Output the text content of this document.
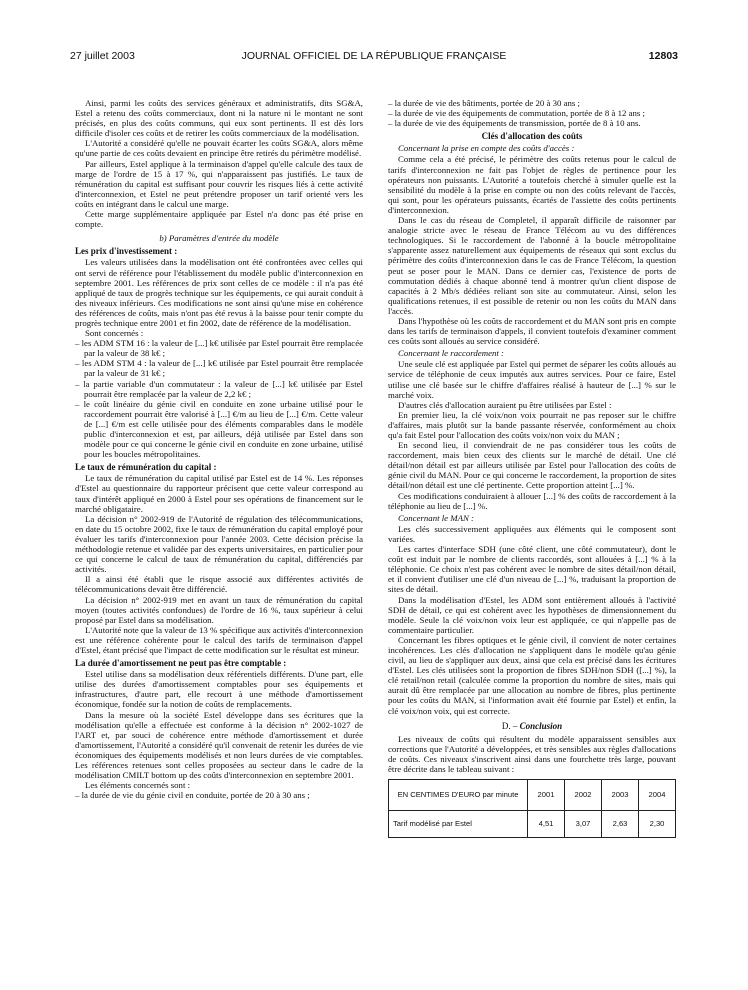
27 juillet 2003	JOURNAL OFFICIEL DE LA RÉPUBLIQUE FRANÇAISE	12803

Ainsi, parmi les coûts des services généraux et administratifs, dits SG&A, Estel a retenu des coûts commerciaux, dont ni la nature ni le montant ne sont précisés, en plus des coûts communs, qui eux sont pertinents. Il est dès lors difficile d'isoler ces coûts et de retirer les coûts commerciaux de la modélisation.

L'Autorité a considéré qu'elle ne pouvait écarter les coûts SG&A, alors même qu'une partie de ces coûts devaient en principe être retirés du périmètre modélisé.

Par ailleurs, Estel applique à la terminaison d'appel qu'elle calcule des taux de marge de l'ordre de 15 à 17 %, qui n'apparaissent pas justifiés. Le taux de rémunération du capital est suffisant pour couvrir les risques liés à cette activité d'interconnexion, et Estel ne peut prétendre proposer un tarif orienté vers les coûts en intégrant dans le calcul une marge.

Cette marge supplémentaire appliquée par Estel n'a donc pas été prise en compte.

b) Paramètres d'entrée du modèle
Les prix d'investissement :

Les valeurs utilisées dans la modélisation ont été confrontées avec celles qui ont servi de référence pour l'établissement du modèle public d'interconnexion en septembre 2001. Les références de prix sont celles de ce modèle : il n'a pas été appliqué de taux de progrès technique sur les équipements, ce qui aurait conduit à des niveaux inférieurs. Ces modifications ne sont ainsi qu'une mise en cohérence des références de coûts, mais n'ont pas été revus à la baisse pour tenir compte du progrès technique entre 2001 et fin 2002, date de référence de la modélisation.

Sont concernés :

– les ADM STM 16 : la valeur de [...] k€ utilisée par Estel pourrait être remplacée par la valeur de 38 k€ ;

– les ADM STM 4 : la valeur de [...] k€ utilisée par Estel pourrait être remplacée par la valeur de 31 k€ ;

– la partie variable d'un commutateur : la valeur de [...] k€ utilisée par Estel pourrait être remplacée par la valeur de 2,2 k€ ;

– le coût linéaire du génie civil en conduite en zone urbaine utilisé pour le raccordement pourrait être valorisé à [...] €/m au lieu de [...] €/m. Cette valeur de [...] €/m est celle utilisée pour des éléments comparables dans le modèle public d'interconnexion et est, par ailleurs, déjà utilisée par Estel dans son modèle pour ce qui concerne le génie civil en conduite en zone urbaine, utilisé pour les boucles métropolitaines.

Le taux de rémunération du capital :

Le taux de rémunération du capital utilisé par Estel est de 14 %. Les réponses d'Estel au questionnaire du rapporteur précisent que cette valeur correspond au taux d'intérêt appliqué en 2000 à Estel pour ses opérations de financement sur le marché obligataire.

La décision n° 2002-919 de l'Autorité de régulation des télécommunications, en date du 15 octobre 2002, fixe le taux de rémunération du capital employé pour évaluer les tarifs d'interconnexion pour l'année 2003. Cette décision précise la méthodologie retenue et validée par des experts universitaires, en particulier pour ce qui concerne le calcul de taux de rémunération du capital, différenciés par activités.

Il a ainsi été établi que le risque associé aux différentes activités de télécommunications devait être différencié.

La décision n° 2002-919 met en avant un taux de rémunération du capital moyen (toutes activités confondues) de l'ordre de 16 %, taux supérieur à celui proposé par Estel dans sa modélisation.

L'Autorité note que la valeur de 13 % spécifique aux activités d'interconnexion est une référence cohérente pour le calcul des tarifs de terminaison d'appel d'Estel, étant précisé que l'impact de cette modification sur le résultat est mineur.

La durée d'amortissement ne peut pas être comptable :

Estel utilise dans sa modélisation deux référentiels différents. D'une part, elle utilise des durées d'amortissement comptables pour ses équipements et infrastructures, d'autre part, elle recourt à une méthode d'amortissement économique, fondée sur la notion de coûts de remplacements.

Dans la mesure où la société Estel développe dans ses écritures que la modélisation qu'elle a effectuée est conforme à la décision n° 2002-1027 de l'ART et, par souci de cohérence entre méthode d'amortissement et durée d'amortissement, l'Autorité a considéré qu'il convenait de retenir les durées de vie économiques des équipements modélisés et non leurs durées de vie comptables. Les références retenues sont celles proposées au secteur dans le cadre de la modélisation CMILT bottom up des coûts d'interconnexion en septembre 2001.

Les éléments concernés sont :

– la durée de vie du génie civil en conduite, portée de 20 à 30 ans ;

– la durée de vie des bâtiments, portée de 20 à 30 ans ;

– la durée de vie des équipements de commutation, portée de 8 à 12 ans ;

– la durée de vie des équipements de transmission, portée de 8 à 10 ans.

Clés d'allocation des coûts

Concernant la prise en compte des coûts d'accès :

Comme cela a été précisé, le périmètre des coûts retenus pour le calcul de tarifs d'interconnexion ne fait pas l'objet de règles de pertinence pour les opérateurs non puissants. L'Autorité a toutefois cherché à simuler quelle est la sensibilité du modèle à la prise en compte ou non des coûts relevant de l'accès, qui sont, pour les opérateurs puissants, écartés de l'assiette des coûts pertinents d'interconnexion.

Dans le cas du réseau de Completel, il apparaît difficile de raisonner par analogie stricte avec le réseau de France Télécom au vu des différences technologiques. Si le raccordement de l'abonné à la boucle métropolitaine s'apparente assez naturellement aux équipements de réseaux qui sont exclus du périmètre des coûts d'interconnexion dans le cas de France Télécom, la question peut se poser pour le MAN. Dans ce dernier cas, l'existence de ports de commutation dédiés à chaque abonné tend à montrer qu'un client dispose de capacités à 2 Mb/s dédiées reliant son site au commutateur. Ainsi, selon les qualifications retenues, il est possible de retenir ou non les coûts du MAN dans l'accès.

Dans l'hypothèse où les coûts de raccordement et du MAN sont pris en compte dans les tarifs de terminaison d'appels, il convient toutefois d'examiner comment ces coûts sont alloués au service considéré.

Concernant le raccordement :

Une seule clé est appliquée par Estel qui permet de séparer les coûts alloués au service de téléphonie de ceux imputés aux autres services. Pour ce faire, Estel utilise une clé basée sur le chiffre d'affaires réalisé à hauteur de [...] % sur le marché voix.

D'autres clés d'allocation auraient pu être utilisées par Estel :

En premier lieu, la clé voix/non voix pourrait ne pas reposer sur le chiffre d'affaires, mais plutôt sur la bande passante réservée, conformément au choix qu'a fait Estel pour l'allocation des coûts voix/non voix du MAN ;

En second lieu, il conviendrait de ne pas considérer tous les coûts de raccordement, mais bien ceux des clients sur le marché de détail. Une clé détail/non détail est par ailleurs utilisée par Estel pour l'allocation des coûts de génie civil du MAN. Pour ce qui concerne le raccordement, la proportion de sites détail/non détail est une clé pertinente. Cette proportion atteint [...] %.

Ces modifications conduiraient à allouer [...] % des coûts de raccordement à la téléphonie au lieu de [...] %.

Concernant le MAN :

Les clés successivement appliquées aux éléments qui le composent sont variées.

Les cartes d'interface SDH (une côté client, une côté commutateur), dont le coût est induit par le nombre de clients raccordés, sont allouées à [...] % à la téléphonie. Ce choix n'est pas cohérent avec le nombre de sites détail/non détail, et il convient d'utiliser une clé d'un niveau de [...] %, traduisant la proportion de sites de détail.

Dans la modélisation d'Estel, les ADM sont entièrement alloués à l'activité SDH de détail, ce qui est cohérent avec les hypothèses de dimensionnement du modèle. Seule la clé voix/non voix leur est appliquée, ce qui n'appelle pas de commentaire particulier.

Concernant les fibres optiques et le génie civil, il convient de noter certaines incohérences. Les clés d'allocation ne s'appliquent dans le modèle qu'au génie civil, au lieu de s'appliquer aux deux, ainsi que cela est précisé dans les écritures d'Estel. Les clés utilisées sont la proportion de fibres SDH/non SDH ([...] %), la clé retail/non retail (calculée comme la proportion du nombre de sites, mais qui aurait dû être remplacée par une allocation au nombre de fibres, plus pertinente pour les coûts du MAN, si l'information avait été fournie par Estel) et enfin, la clé voix/non voix, qui est correcte.

D. – Conclusion

Les niveaux de coûts qui résultent du modèle apparaissent sensibles aux corrections que l'Autorité a développées, et très sensibles aux règles d'allocations de coûts. Ces niveaux s'inscrivent ainsi dans une fourchette très large, pouvant être décrite dans le tableau suivant :

EN CENTIMES D'EURO par minute	2001	2002	2003	2004
Tarif modélisé par Estel	4,51	3,07	2,63	2,30
